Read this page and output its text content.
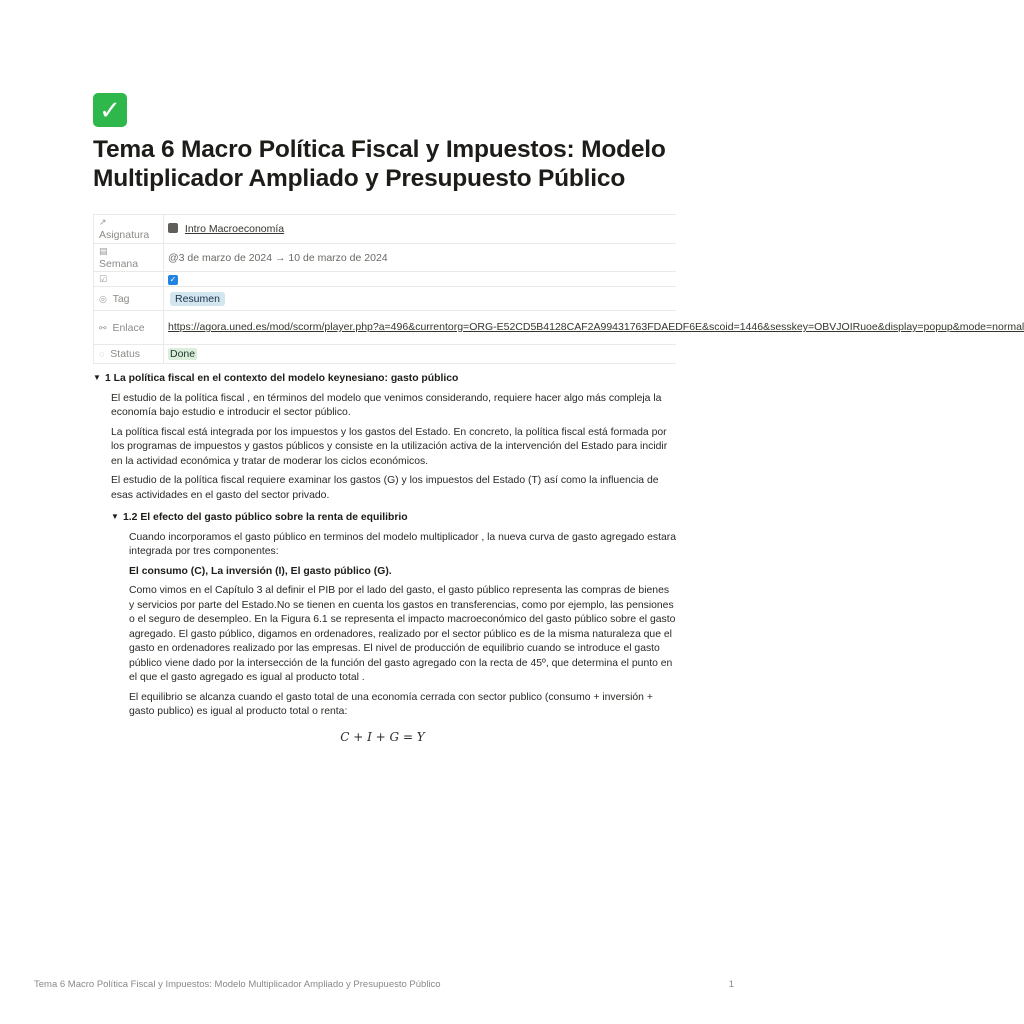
✓
Tema 6 Macro Política Fiscal y Impuestos: Modelo Multiplicador Ampliado y Presupuesto Público
↗
Asignatura	Intro Macroeconomía
▤
Semana	@3 de marzo de 2024 → 10 de marzo de 2024
☑	✓
◎ Tag	Resumen
⚯ Enlace	https://agora.uned.es/mod/scorm/player.php?a=496&currentorg=ORG-E52CD5B4128CAF2A99431763FDAEDF6E&scoid=1446&sesskey=OBVJOIRuoe&display=popup&mode=normal
◌ Status	Done
▼ 1 La política fiscal en el contexto del modelo keynesiano: gasto público

El estudio de la política fiscal , en términos del modelo que venimos considerando, requiere hacer algo más compleja la economía bajo estudio e introducir el sector público.

La política fiscal está integrada por los impuestos y los gastos del Estado. En concreto, la política fiscal está formada por los programas de impuestos y gastos públicos y consiste en la utilización activa de la intervención del Estado para incidir en la actividad económica y tratar de moderar los ciclos económicos.

El estudio de la política fiscal requiere examinar los gastos (G) y los impuestos del Estado (T) así como la influencia de esas actividades en el gasto del sector privado.

▼ 1.2 El efecto del gasto público sobre la renta de equilibrio

Cuando incorporamos el gasto público en terminos del modelo multiplicador , la nueva curva de gasto agregado estara integrada por tres componentes:

El consumo (C), La inversión (I), El gasto público (G).

Como vimos en el Capítulo 3 al definir el PIB por el lado del gasto, el gasto público representa las compras de bienes y servicios por parte del Estado.No se tienen en cuenta los gastos en transferencias, como por ejemplo, las pensiones o el seguro de desempleo. En la Figura 6.1 se representa el impacto macroeconómico del gasto público sobre el gasto agregado. El gasto público, digamos en ordenadores, realizado por el sector público es de la misma naturaleza que el gasto en ordenadores realizado por las empresas. El nivel de producción de equilibrio cuando se introduce el gasto público viene dado por la intersección de la función del gasto agregado con la recta de 45º, que determina el punto en el que el gasto agregado es igual al producto total .

El equilibrio se alcanza cuando el gasto total de una economía cerrada con sector publico (consumo + inversión + gasto publico) es igual al producto total o renta:

C + I + G = Y
Tema 6 Macro Política Fiscal y Impuestos: Modelo Multiplicador Ampliado y Presupuesto Público	1
